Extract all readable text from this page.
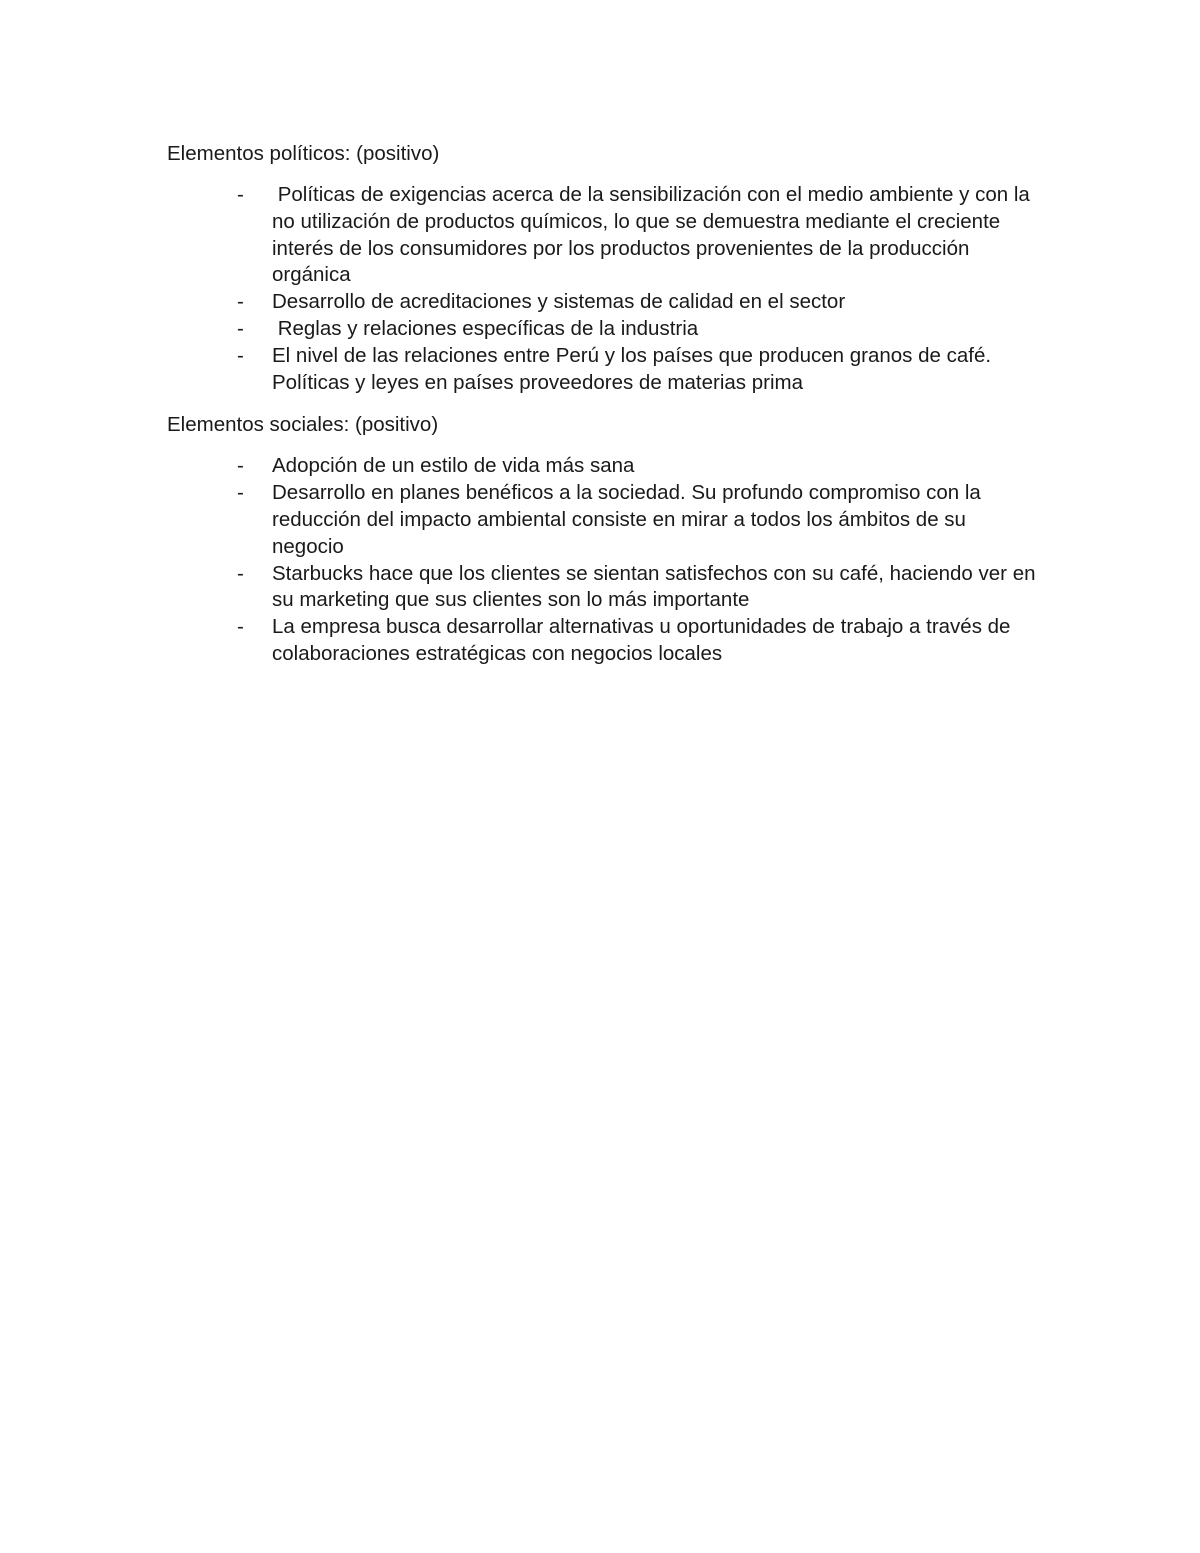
Elementos políticos: (positivo)

- Políticas de exigencias acerca de la sensibilización con el medio ambiente y con la no utilización de productos químicos, lo que se demuestra mediante el creciente interés de los consumidores por los productos provenientes de la producción orgánica
- Desarrollo de acreditaciones y sistemas de calidad en el sector
- Reglas y relaciones específicas de la industria
- El nivel de las relaciones entre Perú y los países que producen granos de café. Políticas y leyes en países proveedores de materias prima

Elementos sociales: (positivo)

- Adopción de un estilo de vida más sana
- Desarrollo en planes benéficos a la sociedad. Su profundo compromiso con la reducción del impacto ambiental consiste en mirar a todos los ámbitos de su negocio
- Starbucks hace que los clientes se sientan satisfechos con su café, haciendo ver en su marketing que sus clientes son lo más importante
- La empresa busca desarrollar alternativas u oportunidades de trabajo a través de colaboraciones estratégicas con negocios locales
